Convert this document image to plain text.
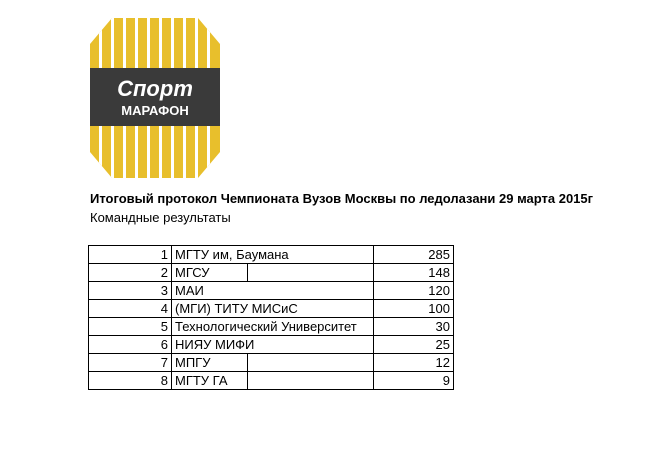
Спорт
МАРАФОН

Итоговый протокол Чемпионата Вузов Москвы по ледолазани 29 марта 2015г

Командные результаты

1	МГТУ им, Баумана		285
2	МГСУ		148
3	МАИ		120
4	(МГИ) ТИТУ МИСиС		100
5	Технологический Университет		30
6	НИЯУ МИФИ		25
7	МПГУ		12
8	МГТУ ГА		9
